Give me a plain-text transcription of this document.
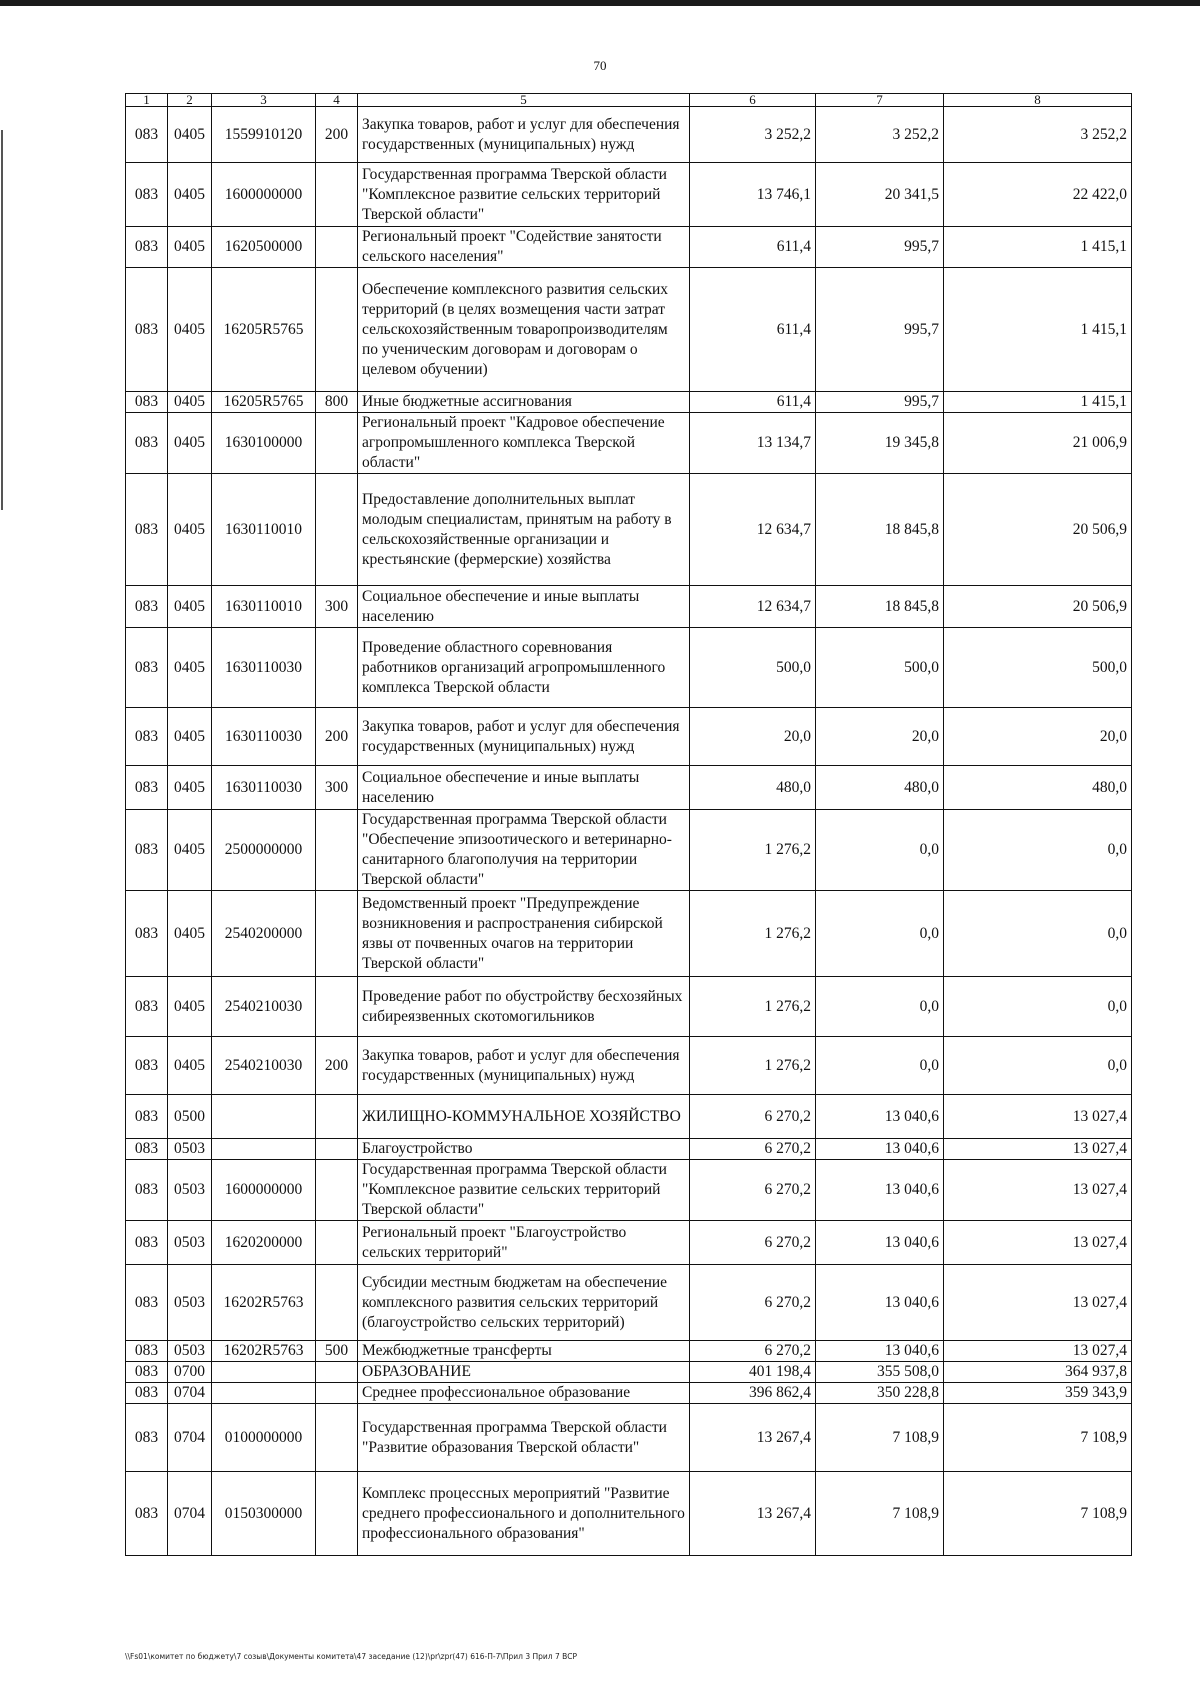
70
1	2	3	4	5	6	7	8
083	0405	1559910120	200	Закупка товаров, работ и услуг для обеспечения государственных (муниципальных) нужд	3 252,2	3 252,2	3 252,2
083	0405	1600000000		Государственная программа Тверской области "Комплексное развитие сельских территорий Тверской области"	13 746,1	20 341,5	22 422,0
083	0405	1620500000		Региональный проект "Содействие занятости сельского населения"	611,4	995,7	1 415,1
083	0405	16205R5765		Обеспечение комплексного развития сельских территорий (в целях возмещения части затрат сельскохозяйственным товаропроизводителям по ученическим договорам и договорам о целевом обучении)	611,4	995,7	1 415,1
083	0405	16205R5765	800	Иные бюджетные ассигнования	611,4	995,7	1 415,1
083	0405	1630100000		Региональный проект "Кадровое обеспечение агропромышленного комплекса Тверской области"	13 134,7	19 345,8	21 006,9
083	0405	1630110010		Предоставление дополнительных выплат молодым специалистам, принятым на работу в сельскохозяйственные организации и крестьянские (фермерские) хозяйства	12 634,7	18 845,8	20 506,9
083	0405	1630110010	300	Социальное обеспечение и иные выплаты населению	12 634,7	18 845,8	20 506,9
083	0405	1630110030		Проведение областного соревнования работников организаций агропромышленного комплекса Тверской области	500,0	500,0	500,0
083	0405	1630110030	200	Закупка товаров, работ и услуг для обеспечения государственных (муниципальных) нужд	20,0	20,0	20,0
083	0405	1630110030	300	Социальное обеспечение и иные выплаты населению	480,0	480,0	480,0
083	0405	2500000000		Государственная программа Тверской области "Обеспечение эпизоотического и ветеринарно-санитарного благополучия на территории Тверской области"	1 276,2	0,0	0,0
083	0405	2540200000		Ведомственный проект "Предупреждение возникновения и распространения сибирской язвы от почвенных очагов на территории Тверской области"	1 276,2	0,0	0,0
083	0405	2540210030		Проведение работ по обустройству бесхозяйных сибиреязвенных скотомогильников	1 276,2	0,0	0,0
083	0405	2540210030	200	Закупка товаров, работ и услуг для обеспечения государственных (муниципальных) нужд	1 276,2	0,0	0,0
083	0500			ЖИЛИЩНО-КОММУНАЛЬНОЕ ХОЗЯЙСТВО	6 270,2	13 040,6	13 027,4
083	0503			Благоустройство	6 270,2	13 040,6	13 027,4
083	0503	1600000000		Государственная программа Тверской области "Комплексное развитие сельских территорий Тверской области"	6 270,2	13 040,6	13 027,4
083	0503	1620200000		Региональный проект "Благоустройство сельских территорий"	6 270,2	13 040,6	13 027,4
083	0503	16202R5763		Субсидии местным бюджетам на обеспечение комплексного развития сельских территорий (благоустройство сельских территорий)	6 270,2	13 040,6	13 027,4
083	0503	16202R5763	500	Межбюджетные трансферты	6 270,2	13 040,6	13 027,4
083	0700			ОБРАЗОВАНИЕ	401 198,4	355 508,0	364 937,8
083	0704			Среднее профессиональное образование	396 862,4	350 228,8	359 343,9
083	0704	0100000000		Государственная программа Тверской области "Развитие образования Тверской области"	13 267,4	7 108,9	7 108,9
083	0704	0150300000		Комплекс процессных мероприятий "Развитие среднего профессионального и дополнительного профессионального образования"	13 267,4	7 108,9	7 108,9
\\Fs01\комитет по бюджету\7 созыв\Документы комитета\47 заседание (12)\pr\zpr(47) 616-П-7\Прил 3 Прил 7 ВСР
